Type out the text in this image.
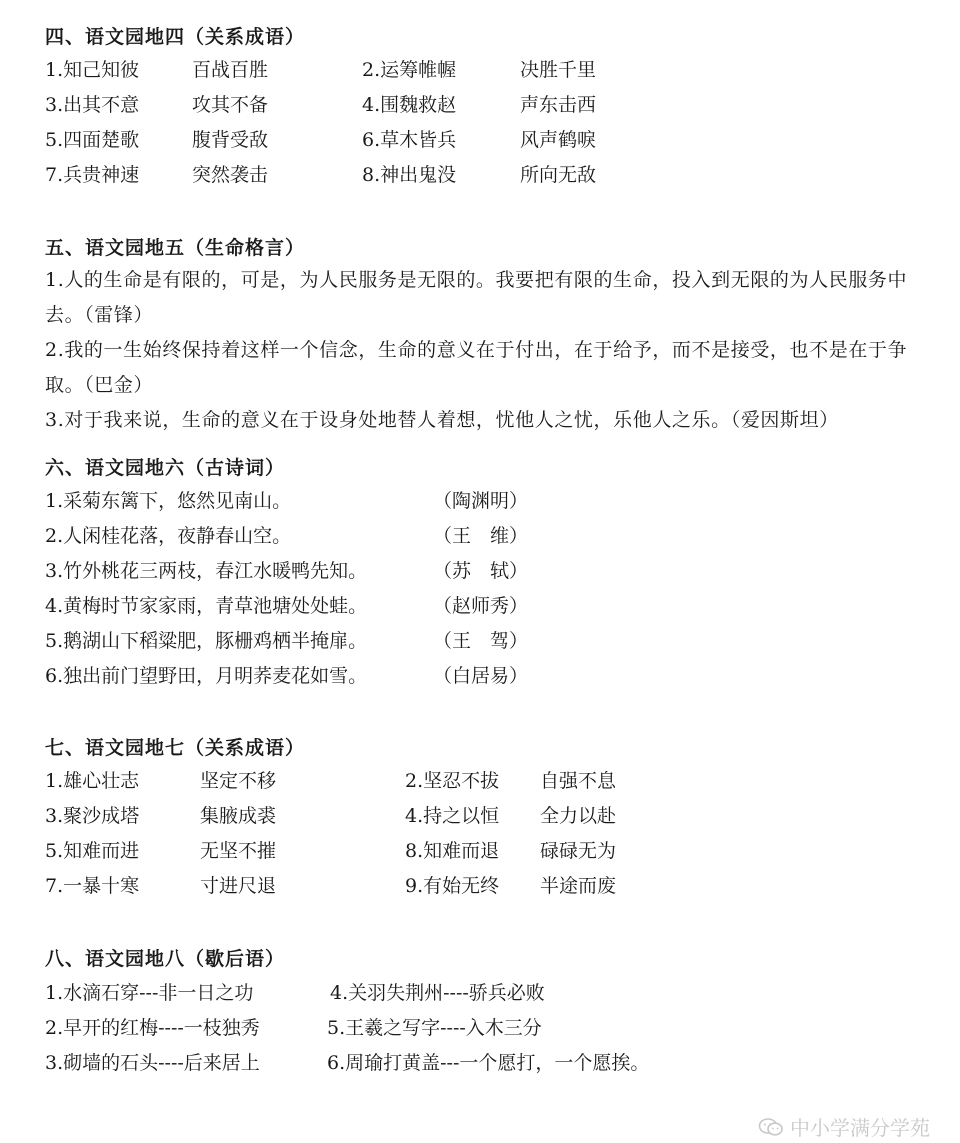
四、语文园地四（关系成语）
1.知己知彼	百战百胜	2.运筹帷幄	决胜千里
3.出其不意	攻其不备	4.围魏救赵	声东击西
5.四面楚歌	腹背受敌	6.草木皆兵	风声鹤唳
7.兵贵神速	突然袭击	8.神出鬼没	所向无敌
五、语文园地五（生命格言）
1.人的生命是有限的，可是，为人民服务是无限的。我要把有限的生命，投入到无限的为人民服务中去。（雷锋）
2.我的一生始终保持着这样一个信念，生命的意义在于付出，在于给予，而不是接受，也不是在于争取。（巴金）
3.对于我来说，生命的意义在于设身处地替人着想，忧他人之忧，乐他人之乐。（爱因斯坦）
六、语文园地六（古诗词）
1.采菊东篱下，悠然见南山。	（陶渊明）
2.人闲桂花落，夜静春山空。	（王　维）
3.竹外桃花三两枝，春江水暖鸭先知。	（苏　轼）
4.黄梅时节家家雨，青草池塘处处蛙。	（赵师秀）
5.鹅湖山下稻粱肥，豚栅鸡栖半掩扉。	（王　驾）
6.独出前门望野田，月明荞麦花如雪。	（白居易）
七、语文园地七（关系成语）
1.雄心壮志	坚定不移	2.坚忍不拔 自强不息
3.聚沙成塔	集腋成裘	4.持之以恒 全力以赴
5.知难而进	无坚不摧	8.知难而退 碌碌无为
7.一暴十寒	寸进尺退	9.有始无终 半途而废
八、语文园地八（歇后语）
1.水滴石穿---非一日之功	4.关羽失荆州----骄兵必败
2.早开的红梅----一枝独秀	5.王羲之写字----入木三分
3.砌墙的石头----后来居上	6.周瑜打黄盖---一个愿打，一个愿挨。
中小学满分学苑
